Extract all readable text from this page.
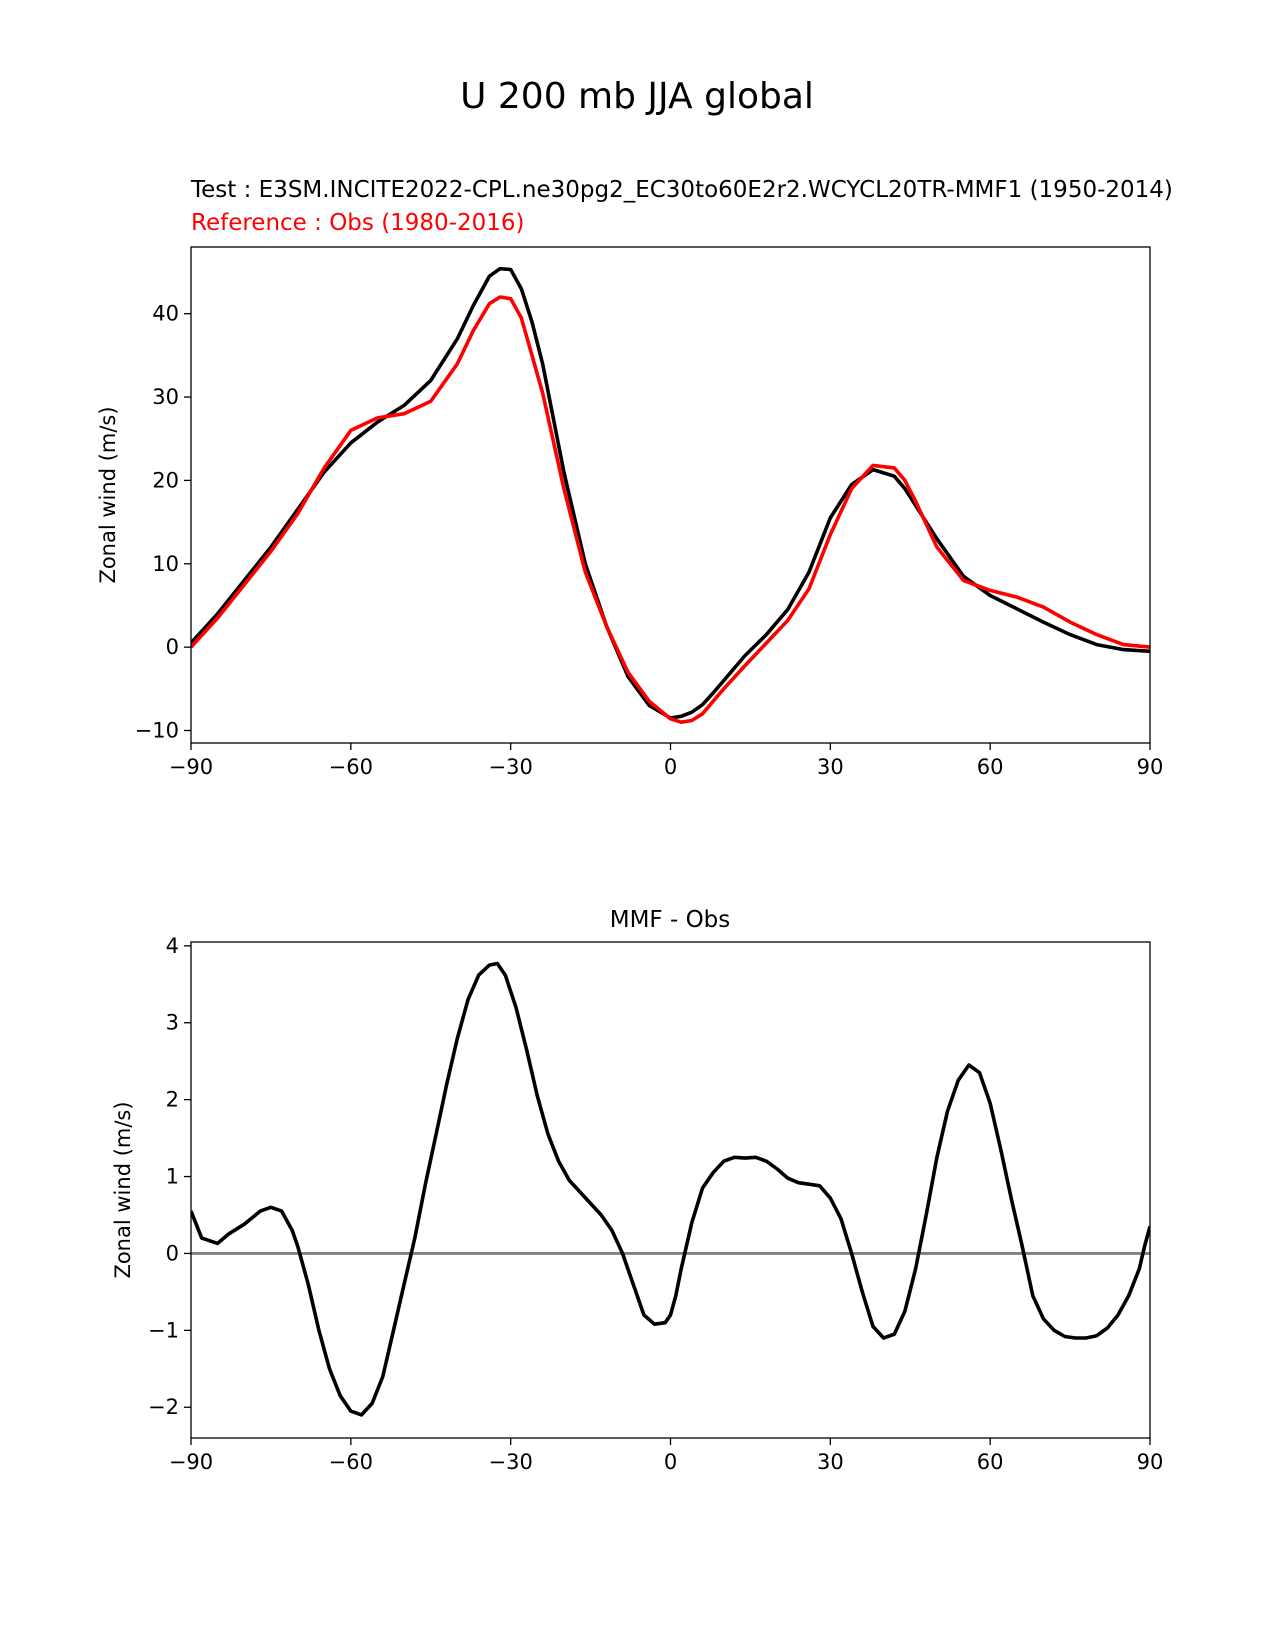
U 200 mb JJA global
Test : E3SM.INCITE2022-CPL.ne30pg2_EC30to60E2r2.WCYCL20TR-MMF1 (1950-2014)
Reference : Obs (1980-2016)
−90	−60	−30	0	30	60	90
−10
0
10
20
30
40
Zonal wind (m/s)
MMF - Obs
−90	−60	−30	0	30	60	90
−2
−1
0
1
2
3
4
Zonal wind (m/s)
